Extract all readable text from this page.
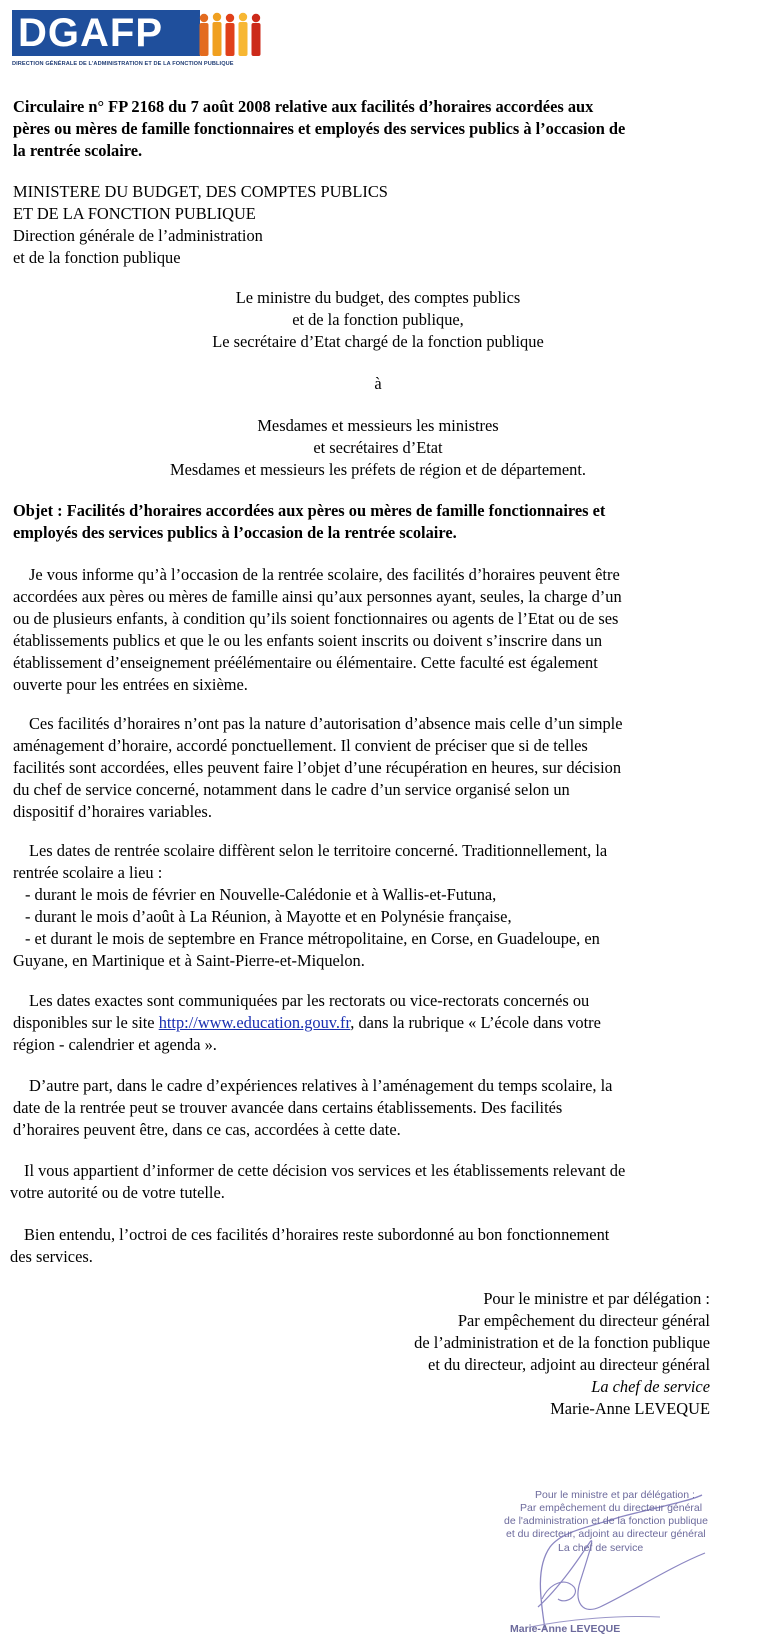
DGAFP
DIRECTION GÉNÉRALE DE L'ADMINISTRATION ET DE LA FONCTION PUBLIQUE
Circulaire n° FP 2168 du 7 août 2008 relative aux facilités d’horaires accordées aux
pères ou mères de famille fonctionnaires et employés des services publics à l’occasion de
la rentrée scolaire.
MINISTERE DU BUDGET, DES COMPTES PUBLICS
ET DE LA FONCTION PUBLIQUE
Direction générale de l’administration
et de la fonction publique
Le ministre du budget, des comptes publics
et de la fonction publique,
Le secrétaire d’Etat chargé de la fonction publique
à
Mesdames et messieurs les ministres
et secrétaires d’Etat
Mesdames et messieurs les préfets de région et de département.
Objet : Facilités d’horaires accordées aux pères ou mères de famille fonctionnaires et
employés des services publics à l’occasion de la rentrée scolaire.
Je vous informe qu’à l’occasion de la rentrée scolaire, des facilités d’horaires peuvent être
accordées aux pères ou mères de famille ainsi qu’aux personnes ayant, seules, la charge d’un
ou de plusieurs enfants, à condition qu’ils soient fonctionnaires ou agents de l’Etat ou de ses
établissements publics et que le ou les enfants soient inscrits ou doivent s’inscrire dans un
établissement d’enseignement préélémentaire ou élémentaire. Cette faculté est également
ouverte pour les entrées en sixième.
Ces facilités d’horaires n’ont pas la nature d’autorisation d’absence mais celle d’un simple
aménagement d’horaire, accordé ponctuellement. Il convient de préciser que si de telles
facilités sont accordées, elles peuvent faire l’objet d’une récupération en heures, sur décision
du chef de service concerné, notamment dans le cadre d’un service organisé selon un
dispositif d’horaires variables.
Les dates de rentrée scolaire diffèrent selon le territoire concerné. Traditionnellement, la
rentrée scolaire a lieu :
- durant le mois de février en Nouvelle-Calédonie et à Wallis-et-Futuna,
- durant le mois d’août à La Réunion, à Mayotte et en Polynésie française,
- et durant le mois de septembre en France métropolitaine, en Corse, en Guadeloupe, en
Guyane, en Martinique et à Saint-Pierre-et-Miquelon.
Les dates exactes sont communiquées par les rectorats ou vice-rectorats concernés ou
disponibles sur le site http://www.education.gouv.fr, dans la rubrique « L’école dans votre
région - calendrier et agenda ».
D’autre part, dans le cadre d’expériences relatives à l’aménagement du temps scolaire, la
date de la rentrée peut se trouver avancée dans certains établissements. Des facilités
d’horaires peuvent être, dans ce cas, accordées à cette date.
Il vous appartient d’informer de cette décision vos services et les établissements relevant de
votre autorité ou de votre tutelle.
Bien entendu, l’octroi de ces facilités d’horaires reste subordonné au bon fonctionnement
des services.
Pour le ministre et par délégation :
Par empêchement du directeur général
de l’administration et de la fonction publique
et du directeur, adjoint au directeur général
La chef de service
Marie-Anne LEVEQUE
Pour le ministre et par délégation :
Par empêchement du directeur général
de l'administration et de la fonction publique
et du directeur, adjoint au directeur général
La chef de service
Marie-Anne LEVEQUE
